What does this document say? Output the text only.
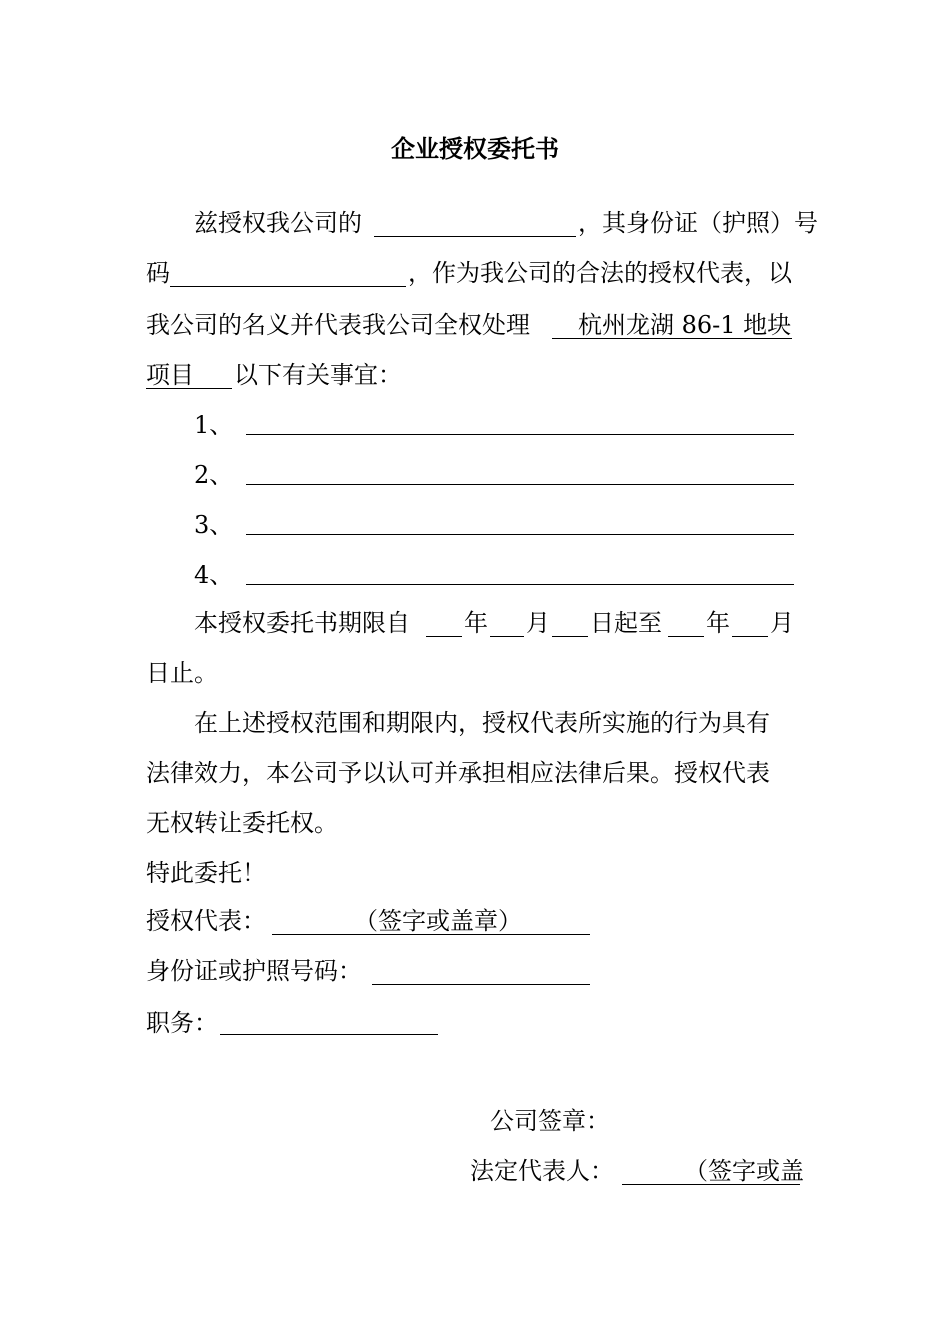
企业授权委托书
兹授权我公司的	，其身份证（护照）号
码	，作为我公司的合法的授权代表，以
我公司的名义并代表我公司全权处理 杭州龙湖 86-1 地块
项目 以下有关事宜：
1、
2、
3、
4、
本授权委托书期限自 年 月 日起至 年 月
日止。
在上述授权范围和期限内，授权代表所实施的行为具有
法律效力，本公司予以认可并承担相应法律后果。授权代表
无权转让委托权。
特此委托！
授权代表：	（签字或盖章）
身份证或护照号码：
职务：
公司签章：
法定代表人：	（签字或盖
